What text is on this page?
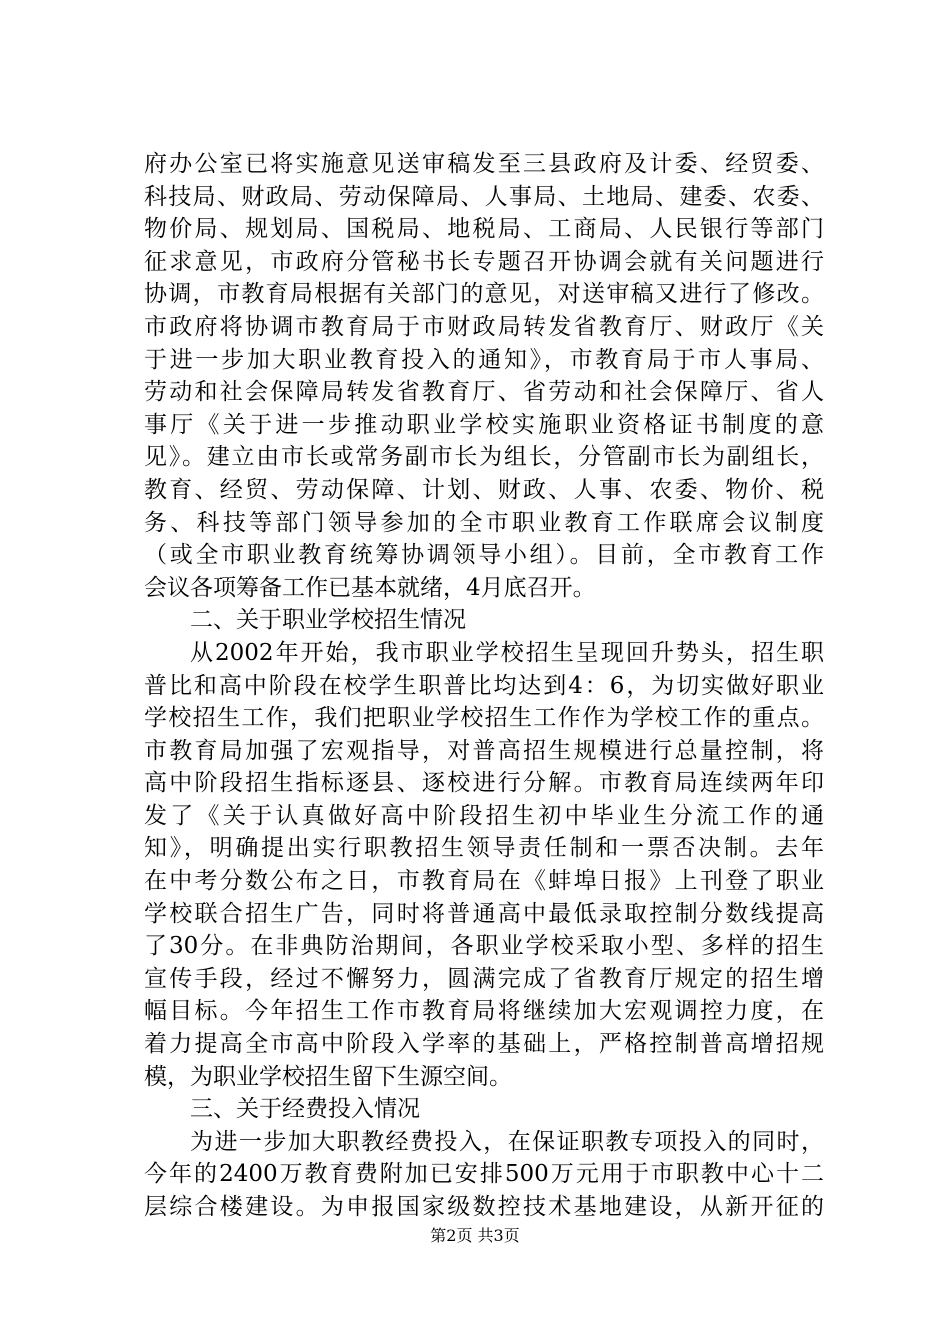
府办公室已将实施意见送审稿发至三县政府及计委、经贸委、
科技局、财政局、劳动保障局、人事局、土地局、建委、农委、
物价局、规划局、国税局、地税局、工商局、人民银行等部门
征求意见，市政府分管秘书长专题召开协调会就有关问题进行
协调，市教育局根据有关部门的意见，对送审稿又进行了修改。
市政府将协调市教育局于市财政局转发省教育厅、财政厅《关
于进一步加大职业教育投入的通知》，市教育局于市人事局、
劳动和社会保障局转发省教育厅、省劳动和社会保障厅、省人
事厅《关于进一步推动职业学校实施职业资格证书制度的意
见》。建立由市长或常务副市长为组长，分管副市长为副组长，
教育、经贸、劳动保障、计划、财政、人事、农委、物价、税
务、科技等部门领导参加的全市职业教育工作联席会议制度
（或全市职业教育统筹协调领导小组）。目前，全市教育工作
会议各项筹备工作已基本就绪，4月底召开。
二、关于职业学校招生情况
从2002年开始，我市职业学校招生呈现回升势头，招生职
普比和高中阶段在校学生职普比均达到4：6，为切实做好职业
学校招生工作，我们把职业学校招生工作作为学校工作的重点。
市教育局加强了宏观指导，对普高招生规模进行总量控制，将
高中阶段招生指标逐县、逐校进行分解。市教育局连续两年印
发了《关于认真做好高中阶段招生初中毕业生分流工作的通
知》，明确提出实行职教招生领导责任制和一票否决制。去年
在中考分数公布之日，市教育局在《蚌埠日报》上刊登了职业
学校联合招生广告，同时将普通高中最低录取控制分数线提高
了30分。在非典防治期间，各职业学校采取小型、多样的招生
宣传手段，经过不懈努力，圆满完成了省教育厅规定的招生增
幅目标。今年招生工作市教育局将继续加大宏观调控力度，在
着力提高全市高中阶段入学率的基础上，严格控制普高增招规
模，为职业学校招生留下生源空间。
三、关于经费投入情况
为进一步加大职教经费投入，在保证职教专项投入的同时，
今年的2400万教育费附加已安排500万元用于市职教中心十二
层综合楼建设。为申报国家级数控技术基地建设，从新开征的
第2页 共3页
